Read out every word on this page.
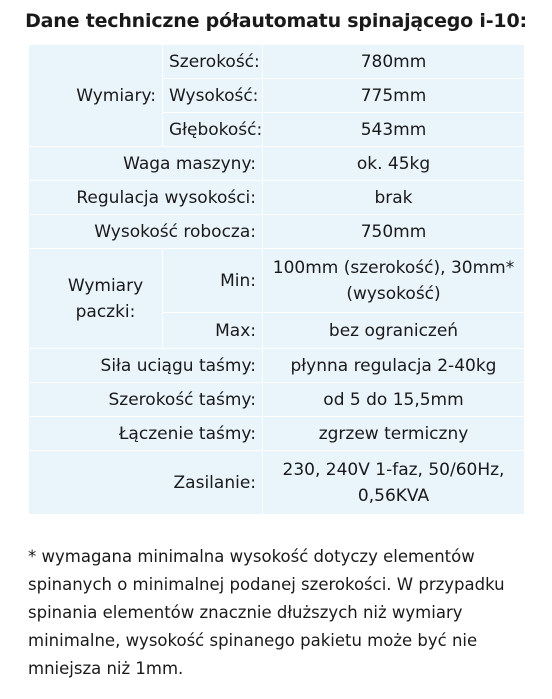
Dane techniczne półautomatu spinającego i-10:
Wymiary:	Szerokość:	780mm
	Wysokość:	775mm
	Głębokość:	543mm
Waga maszyny:		ok. 45kg
Regulacja wysokości:		brak
Wysokość robocza:		750mm
Wymiary paczki:	Min:	100mm (szerokość), 30mm* (wysokość)
	Max:	bez ograniczeń
Siła uciągu taśmy:		płynna regulacja 2-40kg
Szerokość taśmy:		od 5 do 15,5mm
Łączenie taśmy:		zgrzew termiczny
Zasilanie:		230, 240V 1-faz, 50/60Hz, 0,56KVA
* wymagana minimalna wysokość dotyczy elementów spinanych o minimalnej podanej szerokości. W przypadku spinania elementów znacznie dłuższych niż wymiary minimalne, wysokość spinanego pakietu może być nie mniejsza niż 1mm.
